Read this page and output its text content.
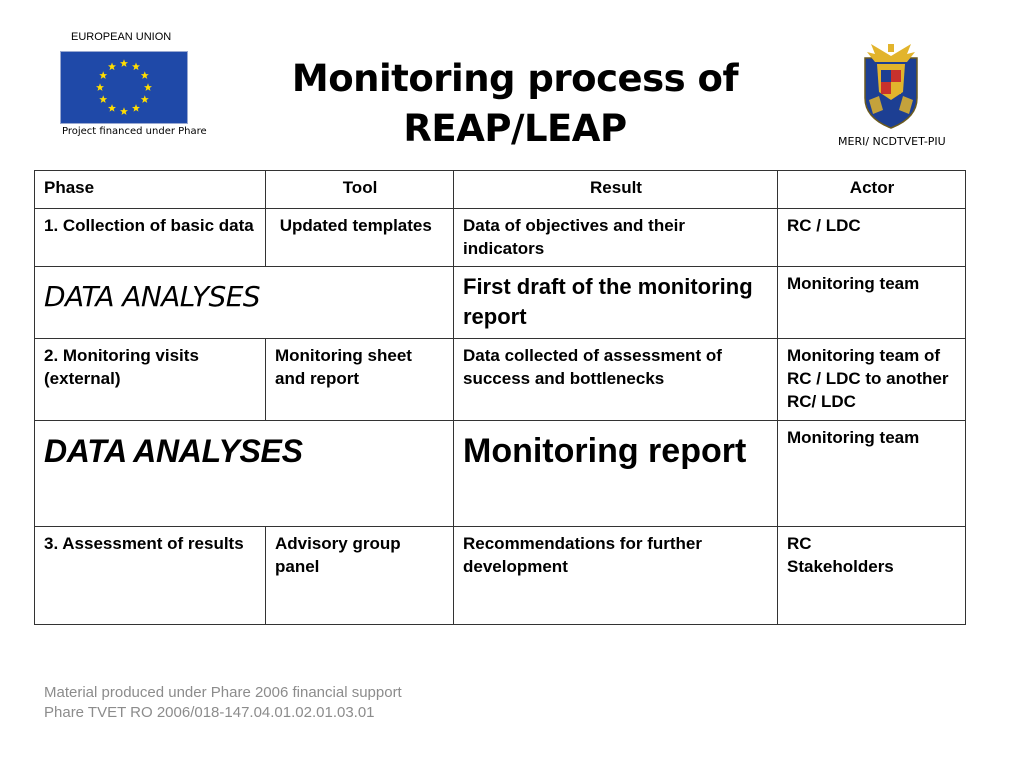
EUROPEAN UNION
Project financed under Phare
Monitoring process of
REAP/LEAP	MERI/ NCDTVET-PIU
Phase	Tool	Result	Actor
1. Collection of basic data	Updated templates	Data of objectives and their indicators	RC / LDC
DATA ANALYSES		First draft of the monitoring report	Monitoring team
2. Monitoring visits (external)	Monitoring sheet and report	Data collected of assessment of success and bottlenecks	Monitoring team of RC / LDC to another RC/ LDC
DATA ANALYSES		Monitoring report	Monitoring team
3. Assessment of results	Advisory group panel	Recommendations for further development	RC
Stakeholders
Material produced under Phare 2006 financial support
Phare TVET RO 2006/018-147.04.01.02.01.03.01
